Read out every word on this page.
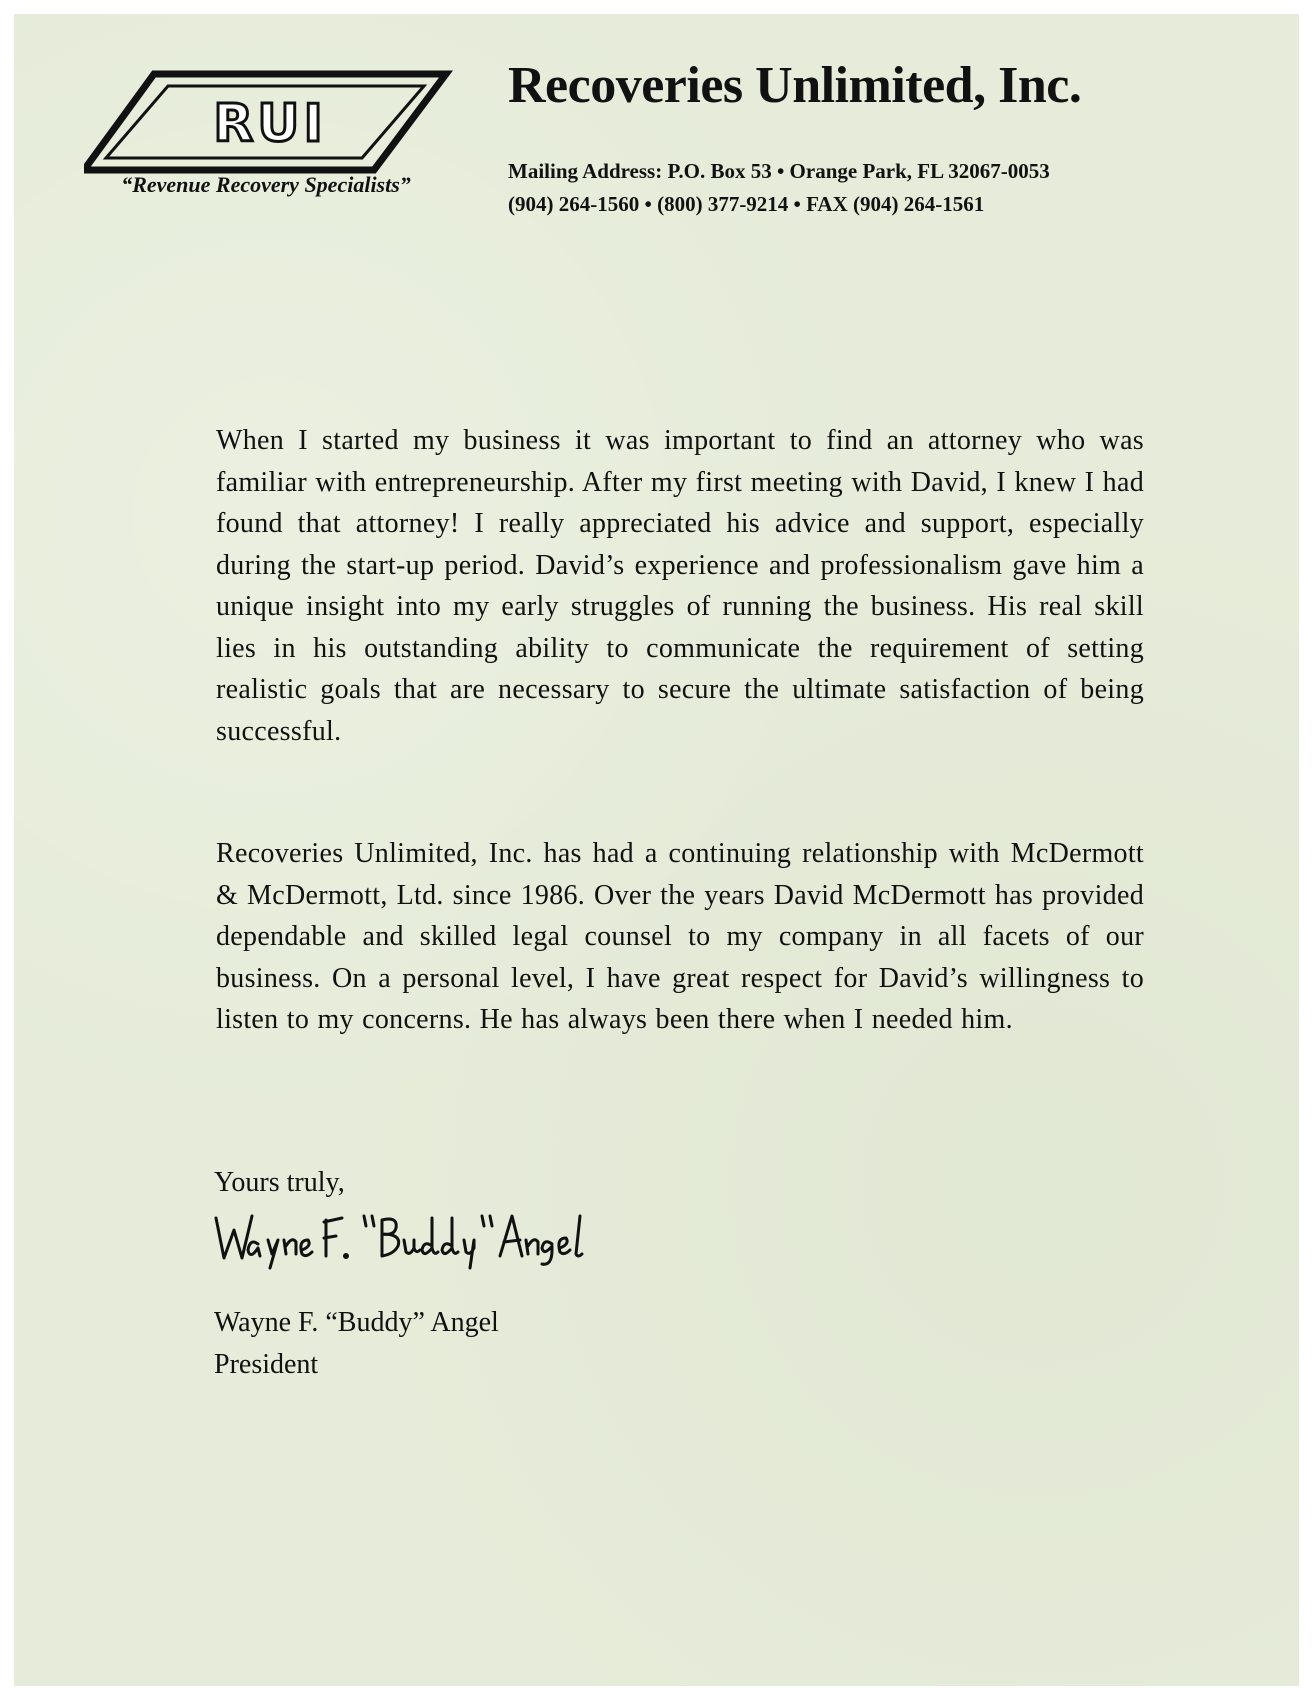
RUI
“Revenue Recovery Specialists”
Recoveries Unlimited, Inc.
Mailing Address: P.O. Box 53 • Orange Park, FL 32067-0053
(904) 264-1560 • (800) 377-9214 • FAX (904) 264-1561
When I started my business it was important to find an attorney who was familiar with entrepreneurship. After my first meeting with David, I knew I had found that attorney! I really appreciated his advice and support, especially during the start-up period. David’s experience and professionalism gave him a unique insight into my early struggles of running the business. His real skill lies in his outstanding ability to communicate the requirement of setting realistic goals that are necessary to secure the ultimate satisfaction of being successful.
Recoveries Unlimited, Inc. has had a continuing relationship with McDermott & McDermott, Ltd. since 1986. Over the years David McDermott has provided dependable and skilled legal counsel to my company in all facets of our business. On a personal level, I have great respect for David’s willingness to listen to my concerns. He has always been there when I needed him.
Yours truly,
Wayne F. “Buddy” Angel
President
